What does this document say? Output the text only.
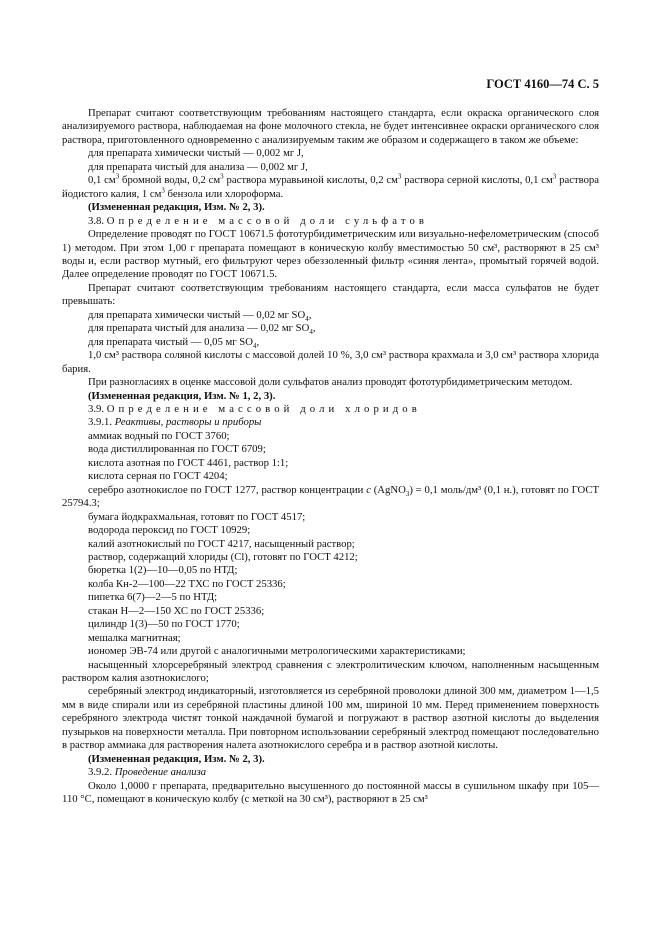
ГОСТ 4160—74 С. 5

Препарат считают соответствующим требованиям настоящего стандарта, если окраска органического слоя анализируемого раствора, наблюдаемая на фоне молочного стекла, не будет интенсивнее окраски органического слоя раствора, приготовленного одновременно с анализируемым таким же образом и содержащего в таком же объеме:

для препарата химически чистый — 0,002 мг J,

для препарата чистый для анализа — 0,002 мг J,

0,1 $см^3$ бромной воды, 0,2 $см^3$ раствора муравьиной кислоты, 0,2 $см^3$ раствора серной кислоты, 0,1 $см^3$ раствора йодистого калия, 1 $см^3$ бензола или хлороформа.

(Измененная редакция, Изм. № 2, 3).

3.8. Определение массовой доли сульфатов

Определение проводят по ГОСТ 10671.5 фототурбидиметрическим или визуально-нефелометрическим (способ 1) методом. При этом 1,00 г препарата помещают в коническую колбу вместимостью 50 см³, растворяют в 25 см³ воды и, если раствор мутный, его фильтруют через обеззоленный фильтр «синяя лента», промытый горячей водой. Далее определение проводят по ГОСТ 10671.5.

Препарат считают соответствующим требованиям настоящего стандарта, если масса сульфатов не будет превышать:

для препарата химически чистый — 0,02 мг $SO_4$,

для препарата чистый для анализа — 0,02 мг $SO_4$,

для препарата чистый — 0,05 мг $SO_4$,

1,0 см³ раствора соляной кислоты с массовой долей 10 %, 3,0 см³ раствора крахмала и 3,0 см³ раствора хлорида бария.

При разногласиях в оценке массовой доли сульфатов анализ проводят фототурбидиметрическим методом.

(Измененная редакция, Изм. № 1, 2, 3).

3.9. Определение массовой доли хлоридов

3.9.1. Реактивы, растворы и приборы

аммиак водный по ГОСТ 3760;

вода дистиллированная по ГОСТ 6709;

кислота азотная по ГОСТ 4461, раствор 1:1;

кислота серная по ГОСТ 4204;

серебро азотнокислое по ГОСТ 1277, раствор концентрации c (AgNO$_3$) = 0,1 моль/дм³ (0,1 н.), готовят по ГОСТ 25794.3;

бумага йодкрахмальная, готовят по ГОСТ 4517;

водорода пероксид по ГОСТ 10929;

калий азотнокислый по ГОСТ 4217, насыщенный раствор;

раствор, содержащий хлориды (Cl), готовят по ГОСТ 4212;

бюретка 1(2)—10—0,05 по НТД;

колба Кн-2—100—22 ТХС по ГОСТ 25336;

пипетка 6(7)—2—5 по НТД;

стакан Н—2—150 ХС по ГОСТ 25336;

цилиндр 1(3)—50 по ГОСТ 1770;

мешалка магнитная;

иономер ЭВ-74 или другой с аналогичными метрологическими характеристиками;

насыщенный хлорсеребряный электрод сравнения с электролитическим ключом, наполненным насыщенным раствором калия азотнокислого;

серебряный электрод индикаторный, изготовляется из серебряной проволоки длиной 300 мм, диаметром 1—1,5 мм в виде спирали или из серебряной пластины длиной 100 мм, шириной 10 мм. Перед применением поверхность серебряного электрода чистят тонкой наждачной бумагой и погружают в раствор азотной кислоты до выделения пузырьков на поверхности металла. При повторном использовании серебряный электрод помещают последовательно в раствор аммиака для растворения налета азотнокислого серебра и в раствор азотной кислоты.

(Измененная редакция, Изм. № 2, 3).

3.9.2. Проведение анализа

Около 1,0000 г препарата, предварительно высушенного до постоянной массы в сушильном шкафу при 105—110 °C, помещают в коническую колбу (с меткой на 30 см³), растворяют в 25 см³
